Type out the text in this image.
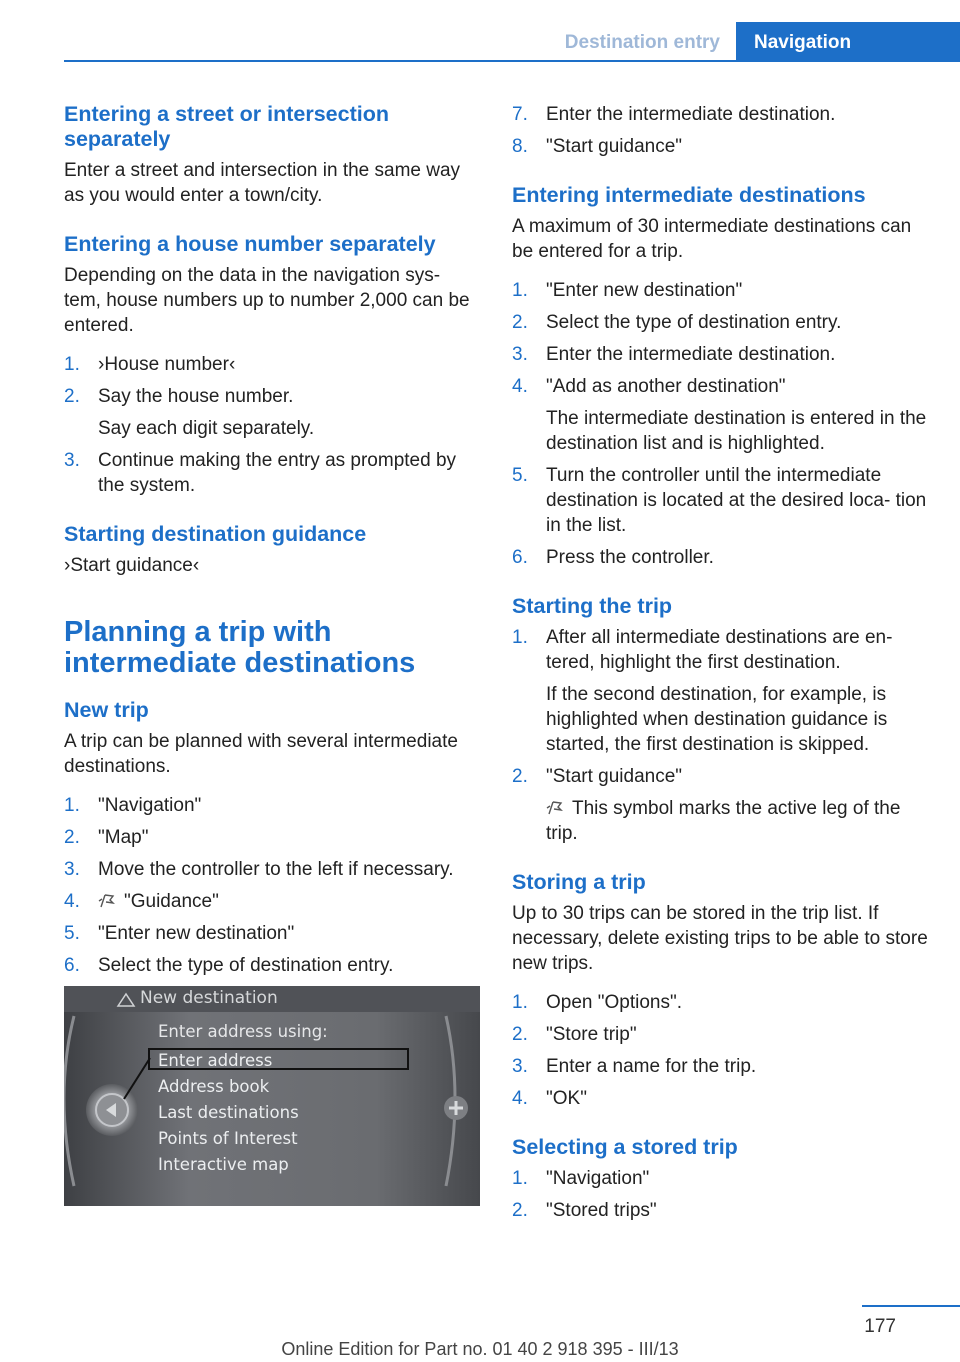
Destination entry	Navigation
Entering a street or intersection separately
Enter a street and intersection in the same way as you would enter a town/city.
Entering a house number separately
Depending on the data in the navigation sys- tem, house numbers up to number 2,000 can be entered.
1. ›House number‹
2. Say the house number.
Say each digit separately.
3. Continue making the entry as prompted by the system.
Starting destination guidance
›Start guidance‹
Planning a trip with intermediate destinations
New trip
A trip can be planned with several intermediate destinations.
1. "Navigation"
2. "Map"
3. Move the controller to the left if necessary.
4. "Guidance"
5. "Enter new destination"
6. Select the type of destination entry.
New destination
Enter address using:
Enter address
Address book
Last destinations
Points of Interest
Interactive map
7. Enter the intermediate destination.
8. "Start guidance"
Entering intermediate destinations
A maximum of 30 intermediate destinations can be entered for a trip.
1. "Enter new destination"
2. Select the type of destination entry.
3. Enter the intermediate destination.
4. "Add as another destination"
The intermediate destination is entered in the destination list and is highlighted.
5. Turn the controller until the intermediate destination is located at the desired loca- tion in the list.
6. Press the controller.
Starting the trip
1. After all intermediate destinations are en- tered, highlight the first destination.
If the second destination, for example, is highlighted when destination guidance is started, the first destination is skipped.
2. "Start guidance"
This symbol marks the active leg of the trip.
Storing a trip
Up to 30 trips can be stored in the trip list. If necessary, delete existing trips to be able to store new trips.
1. Open "Options".
2. "Store trip"
3. Enter a name for the trip.
4. "OK"
Selecting a stored trip
1. "Navigation"
2. "Stored trips"
177
Online Edition for Part no. 01 40 2 918 395 - III/13
